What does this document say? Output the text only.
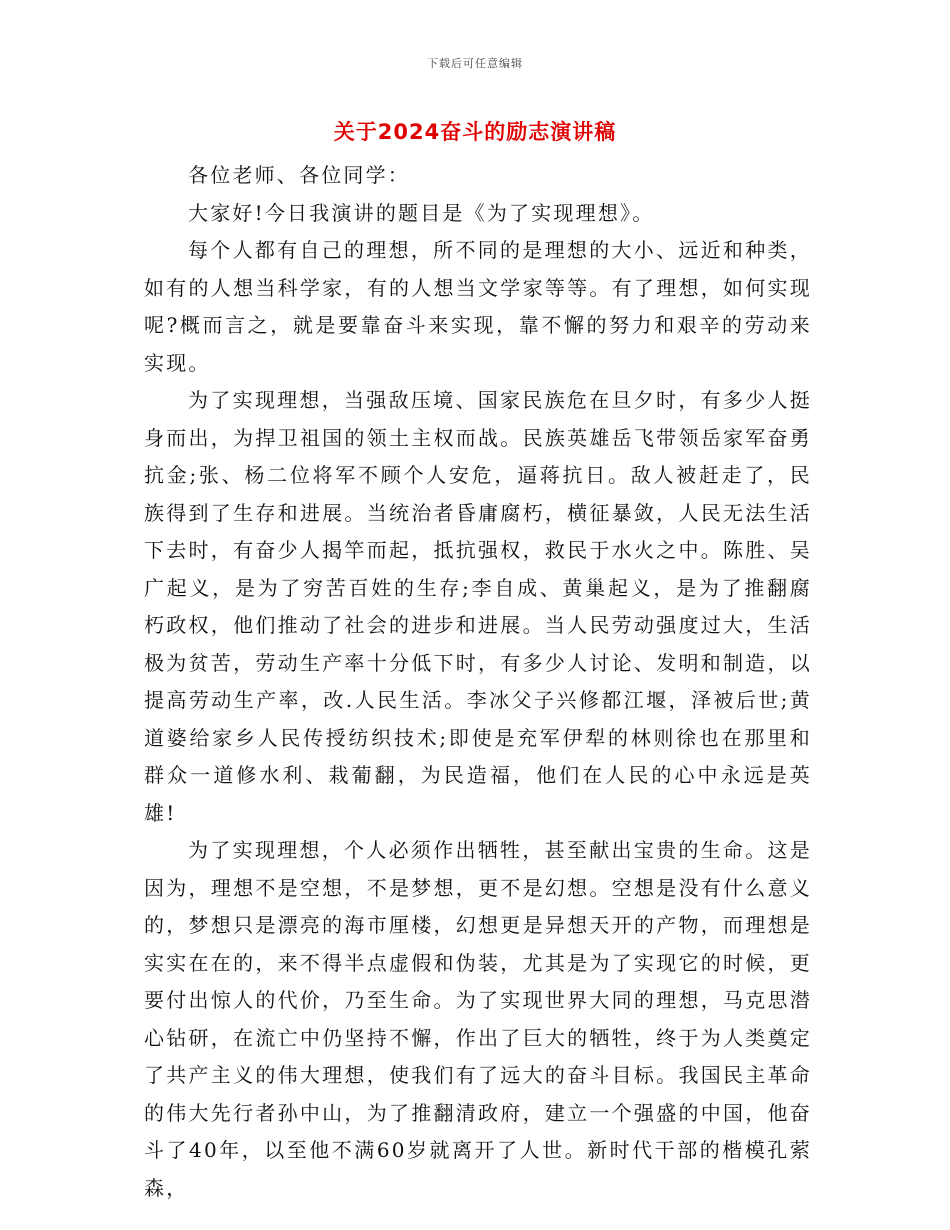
下载后可任意编辑
关于2024奋斗的励志演讲稿

各位老师、各位同学：

大家好!今日我演讲的题目是《为了实现理想》。

每个人都有自己的理想，所不同的是理想的大小、远近和种类，如有的人想当科学家，有的人想当文学家等等。有了理想，如何实现呢?概而言之，就是要靠奋斗来实现，靠不懈的努力和艰辛的劳动来实现。

为了实现理想，当强敌压境、国家民族危在旦夕时，有多少人挺身而出，为捍卫祖国的领土主权而战。民族英雄岳飞带领岳家军奋勇抗金;张、杨二位将军不顾个人安危，逼蒋抗日。敌人被赶走了，民族得到了生存和进展。当统治者昏庸腐朽，横征暴敛，人民无法生活下去时，有奋少人揭竿而起，抵抗强权，救民于水火之中。陈胜、吴广起义，是为了穷苦百姓的生存;李自成、黄巢起义，是为了推翻腐朽政权，他们推动了社会的进步和进展。当人民劳动强度过大，生活极为贫苦，劳动生产率十分低下时，有多少人讨论、发明和制造，以提高劳动生产率，改.人民生活。李冰父子兴修都江堰，泽被后世;黄道婆给家乡人民传授纺织技术;即使是充军伊犁的林则徐也在那里和群众一道修水利、栽葡翻，为民造福，他们在人民的心中永远是英雄!

为了实现理想，个人必须作出牺牲，甚至献出宝贵的生命。这是因为，理想不是空想，不是梦想，更不是幻想。空想是没有什么意义的，梦想只是漂亮的海市厘楼，幻想更是异想天开的产物，而理想是实实在在的，来不得半点虚假和伪装，尤其是为了实现它的时候，更要付出惊人的代价，乃至生命。为了实现世界大同的理想，马克思潜心钻研，在流亡中仍坚持不懈，作出了巨大的牺牲，终于为人类奠定了共产主义的伟大理想，使我们有了远大的奋斗目标。我国民主革命的伟大先行者孙中山，为了推翻清政府，建立一个强盛的中国，他奋斗了40年，以至他不满60岁就离开了人世。新时代干部的楷模孔萦森，
